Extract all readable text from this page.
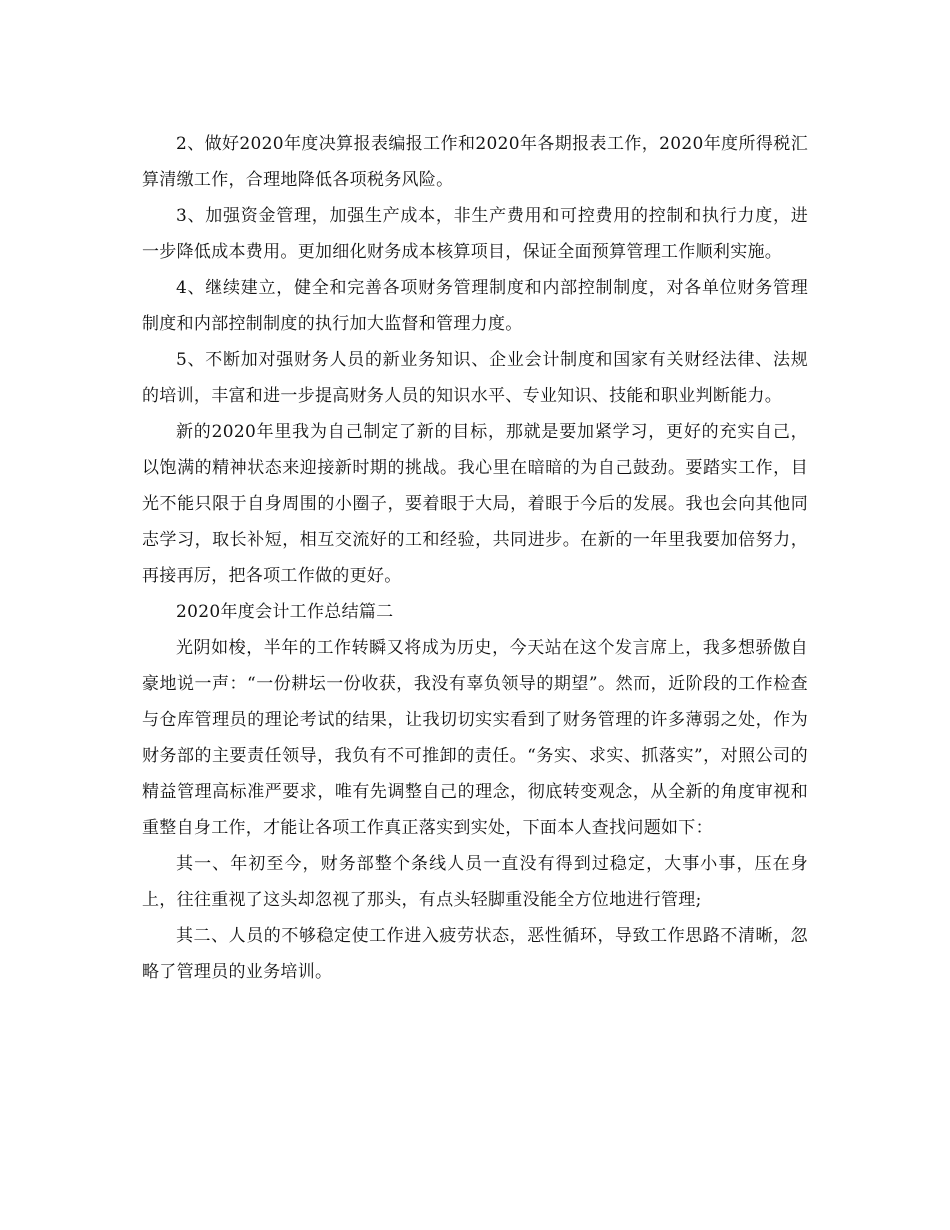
2、做好2020年度决算报表编报工作和2020年各期报表工作，2020年度所得税汇算清缴工作，合理地降低各项税务风险。

3、加强资金管理，加强生产成本，非生产费用和可控费用的控制和执行力度，进一步降低成本费用。更加细化财务成本核算项目，保证全面预算管理工作顺利实施。

4、继续建立，健全和完善各项财务管理制度和内部控制制度，对各单位财务管理制度和内部控制制度的执行加大监督和管理力度。

5、不断加对强财务人员的新业务知识、企业会计制度和国家有关财经法律、法规的培训，丰富和进一步提高财务人员的知识水平、专业知识、技能和职业判断能力。

新的2020年里我为自己制定了新的目标，那就是要加紧学习，更好的充实自己，以饱满的精神状态来迎接新时期的挑战。我心里在暗暗的为自己鼓劲。要踏实工作，目光不能只限于自身周围的小圈子，要着眼于大局，着眼于今后的发展。我也会向其他同志学习，取长补短，相互交流好的工和经验，共同进步。在新的一年里我要加倍努力，再接再厉，把各项工作做的更好。

2020年度会计工作总结篇二

光阴如梭，半年的工作转瞬又将成为历史，今天站在这个发言席上，我多想骄傲自豪地说一声：“一份耕坛一份收获，我没有辜负领导的期望”。然而，近阶段的工作检查与仓库管理员的理论考试的结果，让我切切实实看到了财务管理的许多薄弱之处，作为财务部的主要责任领导，我负有不可推卸的责任。“务实、求实、抓落实”，对照公司的精益管理高标准严要求，唯有先调整自己的理念，彻底转变观念，从全新的角度审视和重整自身工作，才能让各项工作真正落实到实处，下面本人查找问题如下：

其一、年初至今，财务部整个条线人员一直没有得到过稳定，大事小事，压在身上，往往重视了这头却忽视了那头，有点头轻脚重没能全方位地进行管理;

其二、人员的不够稳定使工作进入疲劳状态，恶性循环，导致工作思路不清晰，忽略了管理员的业务培训。
